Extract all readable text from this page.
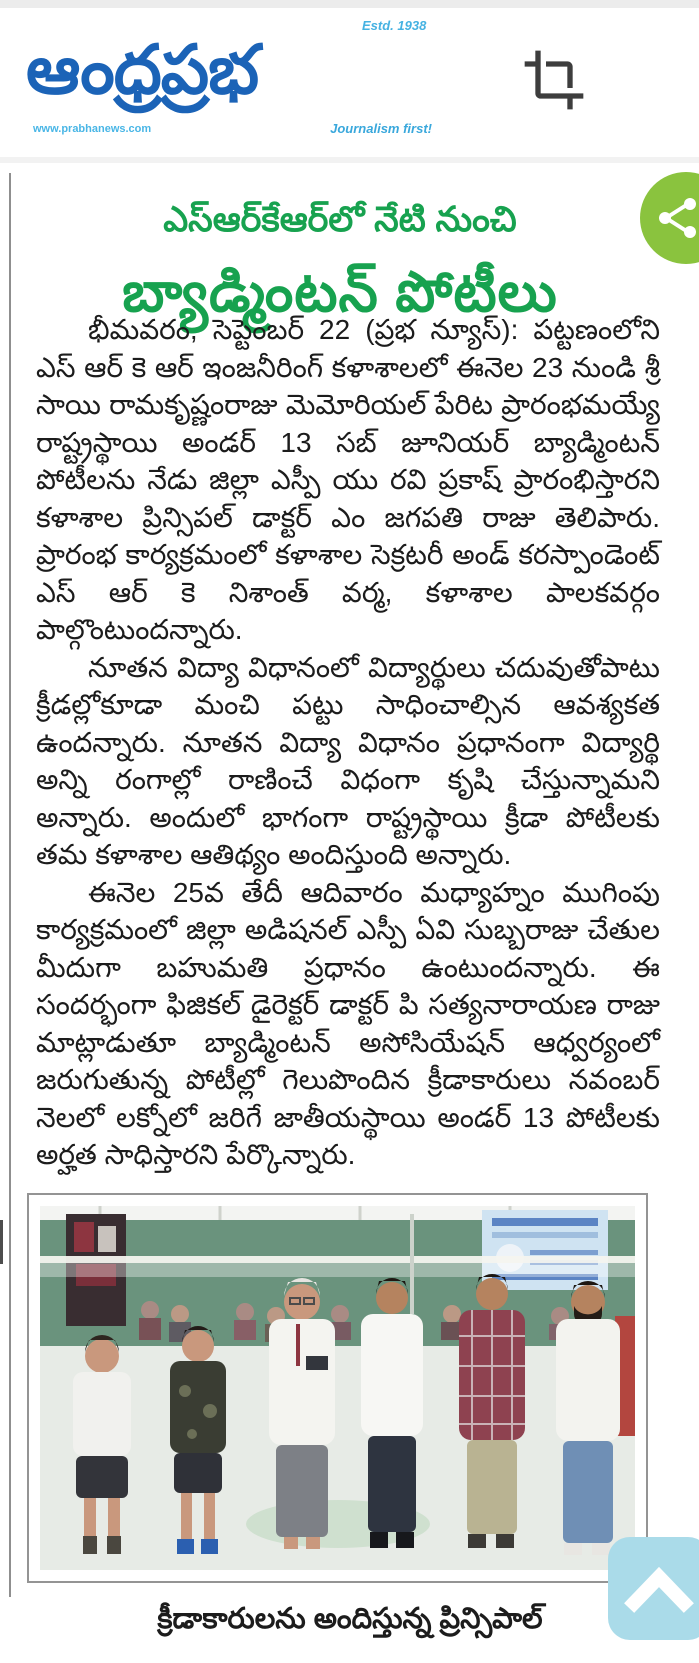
Estd. 1938
ఆంధ్రప్రభ
www.prabhanews.com	Journalism first!
ఎస్ఆర్‌కేఆర్‌లో నేటి నుంచి
బ్యాడ్మింటన్ పోటీలు

భీమవరం, సెప్టెంబర్ 22 (ప్రభ న్యూస్): పట్టణంలోని ఎస్ ఆర్ కె ఆర్ ఇంజనీరింగ్ కళాశాలలో ఈనెల 23 నుండి శ్రీ సాయి రామకృష్ణంరాజు మెమోరియల్ పేరిట ప్రారంభమయ్యే రాష్ట్రస్థాయి అండర్ 13 సబ్ జూనియర్ బ్యాడ్మింటన్ పోటీలను నేడు జిల్లా ఎస్పీ యు రవి ప్రకాష్ ప్రారంభిస్తారని కళాశాల ప్రిన్సిపల్ డాక్టర్ ఎం జగపతి రాజు తెలిపారు. ప్రారంభ కార్యక్రమంలో కళాశాల సెక్రటరీ అండ్ కరస్పాండెంట్ ఎస్ ఆర్ కె నిశాంత్ వర్మ, కళాశాల పాలకవర్గం పాల్గొంటుందన్నారు.

నూతన విద్యా విధానంలో విద్యార్థులు చదువుతోపాటు క్రీడల్లోకూడా మంచి పట్టు సాధించాల్సిన ఆవశ్యకత ఉందన్నారు. నూతన విద్యా విధానం ప్రధానంగా విద్యార్థి అన్ని రంగాల్లో రాణించే విధంగా కృషి చేస్తున్నామని అన్నారు. అందులో భాగంగా రాష్ట్రస్థాయి క్రీడా పోటీలకు తమ కళాశాల ఆతిథ్యం అందిస్తుంది అన్నారు.

ఈనెల 25వ తేదీ ఆదివారం మధ్యాహ్నం ముగింపు కార్యక్రమంలో జిల్లా అడిషనల్ ఎస్పీ ఏవి సుబ్బరాజు చేతుల మీదుగా బహుమతి ప్రధానం ఉంటుందన్నారు. ఈ సందర్భంగా ఫిజికల్ డైరెక్టర్ డాక్టర్ పి సత్యనారాయణ రాజు మాట్లాడుతూ బ్యాడ్మింటన్ అసోసియేషన్ ఆధ్వర్యంలో జరుగుతున్న పోటీల్లో గెలుపొందిన క్రీడాకారులు నవంబర్ నెలలో లక్నోలో జరిగే జాతీయస్థాయి అండర్ 13 పోటీలకు అర్హత సాధిస్తారని పేర్కొన్నారు.

క్రీడాకారులను అందిస్తున్న ప్రిన్సిపాల్
